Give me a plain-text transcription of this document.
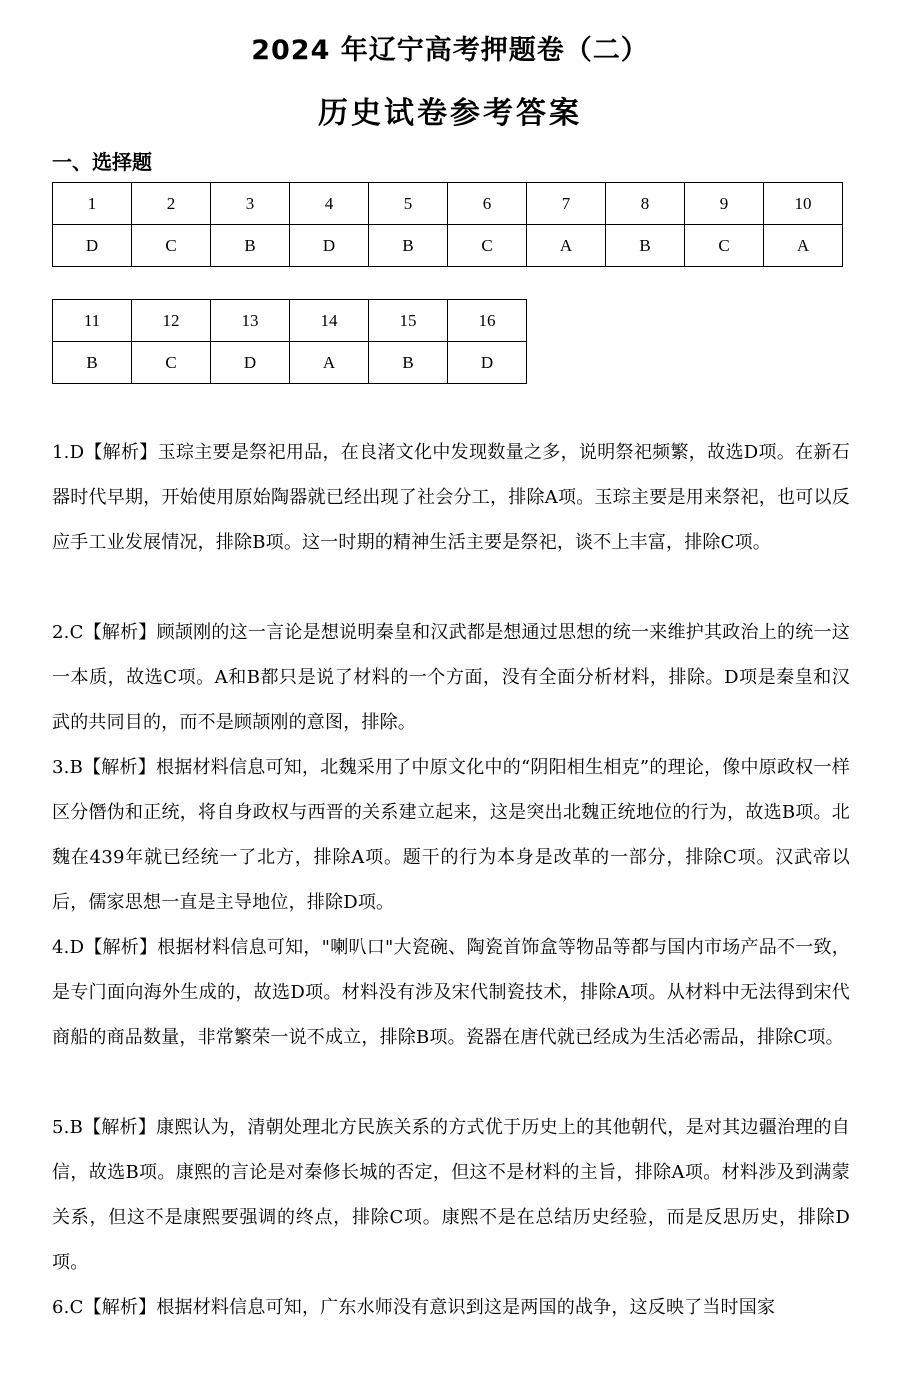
2024 年辽宁高考押题卷（二）
历史试卷参考答案
一、选择题
1	2	3	4	5	6	7	8	9	10
D	C	B	D	B	C	A	B	C	A
11	12	13	14	15	16
B	C	D	A	B	D
1.D【解析】玉琮主要是祭祀用品，在良渚文化中发现数量之多，说明祭祀频繁，故选D项。在新石器时代早期，开始使用原始陶器就已经出现了社会分工，排除A项。玉琮主要是用来祭祀，也可以反应手工业发展情况，排除B项。这一时期的精神生活主要是祭祀，谈不上丰富，排除C项。
2.C【解析】顾颉刚的这一言论是想说明秦皇和汉武都是想通过思想的统一来维护其政治上的统一这一本质，故选C项。A和B都只是说了材料的一个方面，没有全面分析材料，排除。D项是秦皇和汉武的共同目的，而不是顾颉刚的意图，排除。
3.B【解析】根据材料信息可知，北魏采用了中原文化中的“阴阳相生相克”的理论，像中原政权一样区分僭伪和正统，将自身政权与西晋的关系建立起来，这是突出北魏正统地位的行为，故选B项。北魏在439年就已经统一了北方，排除A项。题干的行为本身是改革的一部分，排除C项。汉武帝以后，儒家思想一直是主导地位，排除D项。
4.D【解析】根据材料信息可知，"喇叭口"大瓷碗、陶瓷首饰盒等物品等都与国内市场产品不一致，是专门面向海外生成的，故选D项。材料没有涉及宋代制瓷技术，排除A项。从材料中无法得到宋代商船的商品数量，非常繁荣一说不成立，排除B项。瓷器在唐代就已经成为生活必需品，排除C项。
5.B【解析】康熙认为，清朝处理北方民族关系的方式优于历史上的其他朝代，是对其边疆治理的自信，故选B项。康熙的言论是对秦修长城的否定，但这不是材料的主旨，排除A项。材料涉及到满蒙关系，但这不是康熙要强调的终点，排除C项。康熙不是在总结历史经验，而是反思历史，排除D项。
6.C【解析】根据材料信息可知，广东水师没有意识到这是两国的战争，这反映了当时国家
